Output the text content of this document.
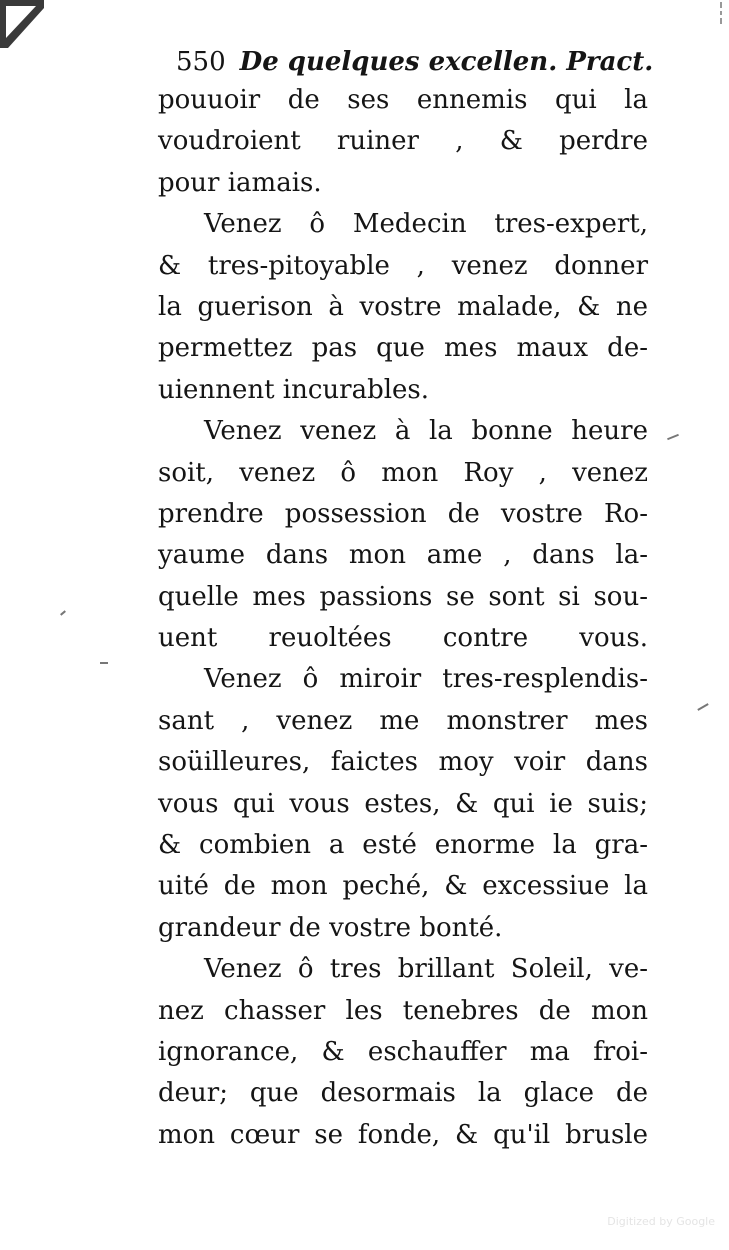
550 De quelques excellen. Pract.
pouuoir de ses ennemis qui la
voudroient ruiner , & perdre
pour iamais.
Venez ô Medecin tres-expert,
& tres-pitoyable , venez donner
la guerison à vostre malade, & ne
permettez pas que mes maux de-
uiennent incurables.
Venez venez à la bonne heure
soit, venez ô mon Roy , venez
prendre possession de vostre Ro-
yaume dans mon ame , dans la-
quelle mes passions se sont si sou-
uent reuoltées contre vous.
Venez ô miroir tres-resplendis-
sant , venez me monstrer mes
soüilleures, faictes moy voir dans
vous qui vous estes, & qui ie suis;
& combien a esté enorme la gra-
uité de mon peché, & excessiue la
grandeur de vostre bonté.
Venez ô tres brillant Soleil, ve-
nez chasser les tenebres de mon
ignorance, & eschauffer ma froi-
deur; que desormais la glace de
mon cœur se fonde, & qu'il brusle
Digitized by Google
